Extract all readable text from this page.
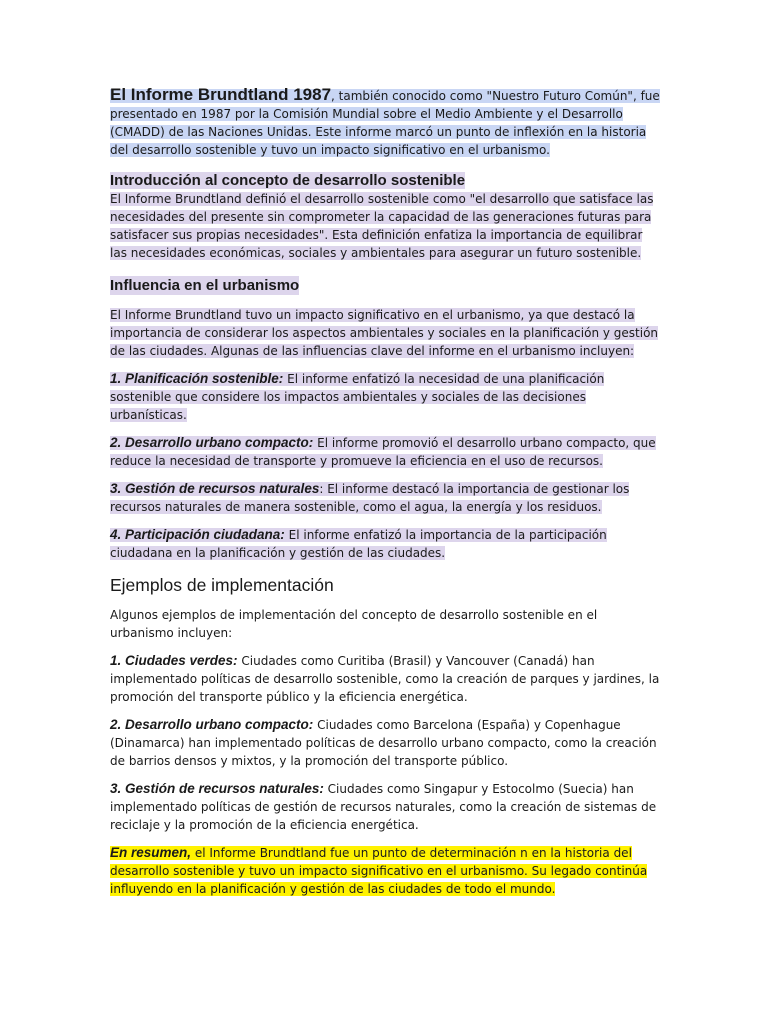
El Informe Brundtland 1987, también conocido como "Nuestro Futuro Común", fue presentado en 1987 por la Comisión Mundial sobre el Medio Ambiente y el Desarrollo (CMADD) de las Naciones Unidas. Este informe marcó un punto de inflexión en la historia del desarrollo sostenible y tuvo un impacto significativo en el urbanismo.

Introducción al concepto de desarrollo sostenible

El Informe Brundtland definió el desarrollo sostenible como "el desarrollo que satisface las necesidades del presente sin comprometer la capacidad de las generaciones futuras para satisfacer sus propias necesidades". Esta definición enfatiza la importancia de equilibrar las necesidades económicas, sociales y ambientales para asegurar un futuro sostenible.

Influencia en el urbanismo

El Informe Brundtland tuvo un impacto significativo en el urbanismo, ya que destacó la importancia de considerar los aspectos ambientales y sociales en la planificación y gestión de las ciudades. Algunas de las influencias clave del informe en el urbanismo incluyen:

1. Planificación sostenible: El informe enfatizó la necesidad de una planificación sostenible que considere los impactos ambientales y sociales de las decisiones urbanísticas.

2. Desarrollo urbano compacto: El informe promovió el desarrollo urbano compacto, que reduce la necesidad de transporte y promueve la eficiencia en el uso de recursos.

3. Gestión de recursos naturales: El informe destacó la importancia de gestionar los recursos naturales de manera sostenible, como el agua, la energía y los residuos.

4. Participación ciudadana: El informe enfatizó la importancia de la participación ciudadana en la planificación y gestión de las ciudades.

Ejemplos de implementación

Algunos ejemplos de implementación del concepto de desarrollo sostenible en el urbanismo incluyen:

1. Ciudades verdes: Ciudades como Curitiba (Brasil) y Vancouver (Canadá) han implementado políticas de desarrollo sostenible, como la creación de parques y jardines, la promoción del transporte público y la eficiencia energética.

2. Desarrollo urbano compacto: Ciudades como Barcelona (España) y Copenhague (Dinamarca) han implementado políticas de desarrollo urbano compacto, como la creación de barrios densos y mixtos, y la promoción del transporte público.

3. Gestión de recursos naturales: Ciudades como Singapur y Estocolmo (Suecia) han implementado políticas de gestión de recursos naturales, como la creación de sistemas de reciclaje y la promoción de la eficiencia energética.

En resumen, el Informe Brundtland fue un punto de determinación n en la historia del desarrollo sostenible y tuvo un impacto significativo en el urbanismo. Su legado continúa influyendo en la planificación y gestión de las ciudades de todo el mundo.
